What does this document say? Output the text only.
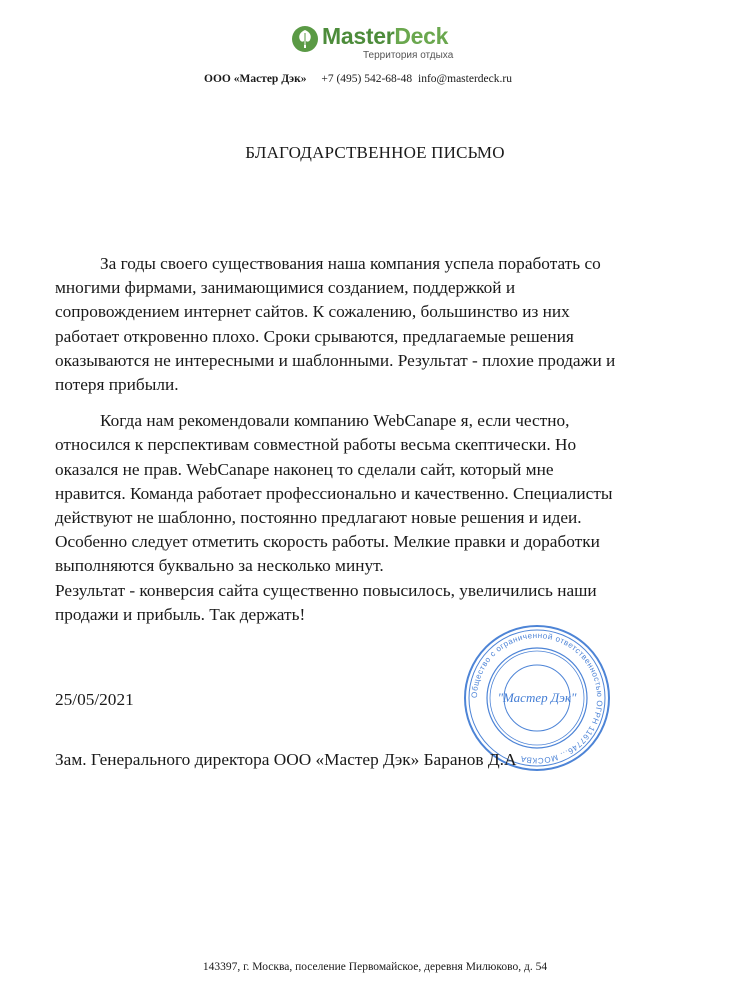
MasterDeck
Территория отдыха
ООО «Мастер Дэк» +7 (495) 542-68-48 info@masterdeck.ru
БЛАГОДАРСТВЕННОЕ ПИСЬМО

За годы своего существования наша компания успела поработать со

многими фирмами, занимающимися созданием, поддержкой и

сопровождением интернет сайтов. К сожалению, большинство из них

работает откровенно плохо. Сроки срываются, предлагаемые решения

оказываются не интересными и шаблонными. Результат - плохие продажи и

потеря прибыли.

Когда нам рекомендовали компанию WebCanape я, если честно,

относился к перспективам совместной работы весьма скептически. Но

оказался не прав. WebCanape наконец то сделали сайт, который мне

нравится. Команда работает профессионально и качественно. Специалисты

действуют не шаблонно, постоянно предлагают новые решения и идеи.

Особенно следует отметить скорость работы. Мелкие правки и доработки

выполняются буквально за несколько минут.

Результат - конверсия сайта существенно повысилось, увеличились наши

продажи и прибыль. Так держать!

Общество с ограниченной ответственностью ОГРН 1167746... МОСКВА
"Мастер Дэк"
25/05/2021
Зам. Генерального директора ООО «Мастер Дэк» Баранов Д.А
143397, г. Москва, поселение Первомайское, деревня Милюково, д. 54
